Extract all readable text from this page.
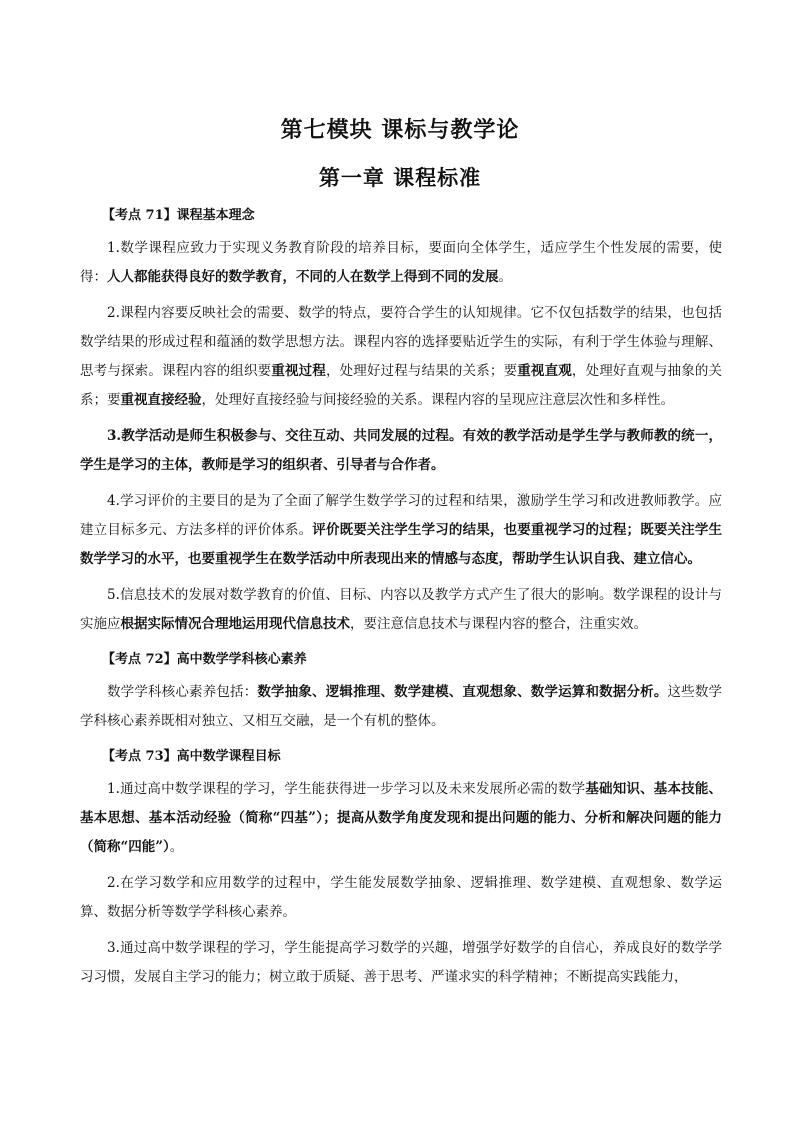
第七模块 课标与教学论
第一章 课程标准
【考点 71】课程基本理念

1.数学课程应致力于实现义务教育阶段的培养目标，要面向全体学生，适应学生个性发展的需要，使得：人人都能获得良好的数学教育，不同的人在数学上得到不同的发展。

2.课程内容要反映社会的需要、数学的特点，要符合学生的认知规律。它不仅包括数学的结果，也包括数学结果的形成过程和蕴涵的数学思想方法。课程内容的选择要贴近学生的实际，有利于学生体验与理解、思考与探索。课程内容的组织要重视过程，处理好过程与结果的关系；要重视直观，处理好直观与抽象的关系；要重视直接经验，处理好直接经验与间接经验的关系。课程内容的呈现应注意层次性和多样性。

3.教学活动是师生积极参与、交往互动、共同发展的过程。有效的教学活动是学生学与教师教的统一，学生是学习的主体，教师是学习的组织者、引导者与合作者。

4.学习评价的主要目的是为了全面了解学生数学学习的过程和结果，激励学生学习和改进教师教学。应建立目标多元、方法多样的评价体系。评价既要关注学生学习的结果，也要重视学习的过程；既要关注学生数学学习的水平，也要重视学生在数学活动中所表现出来的情感与态度，帮助学生认识自我、建立信心。

5.信息技术的发展对数学教育的价值、目标、内容以及教学方式产生了很大的影响。数学课程的设计与实施应根据实际情况合理地运用现代信息技术，要注意信息技术与课程内容的整合，注重实效。

【考点 72】高中数学学科核心素养

数学学科核心素养包括：数学抽象、逻辑推理、数学建模、直观想象、数学运算和数据分析。这些数学学科核心素养既相对独立、又相互交融，是一个有机的整体。

【考点 73】高中数学课程目标

1.通过高中数学课程的学习，学生能获得进一步学习以及未来发展所必需的数学基础知识、基本技能、基本思想、基本活动经验（简称“四基”）；提高从数学角度发现和提出问题的能力、分析和解决问题的能力（简称“四能”）。

2.在学习数学和应用数学的过程中，学生能发展数学抽象、逻辑推理、数学建模、直观想象、数学运算、数据分析等数学学科核心素养。

3.通过高中数学课程的学习，学生能提高学习数学的兴趣，增强学好数学的自信心，养成良好的数学学习习惯，发展自主学习的能力；树立敢于质疑、善于思考、严谨求实的科学精神；不断提高实践能力，
